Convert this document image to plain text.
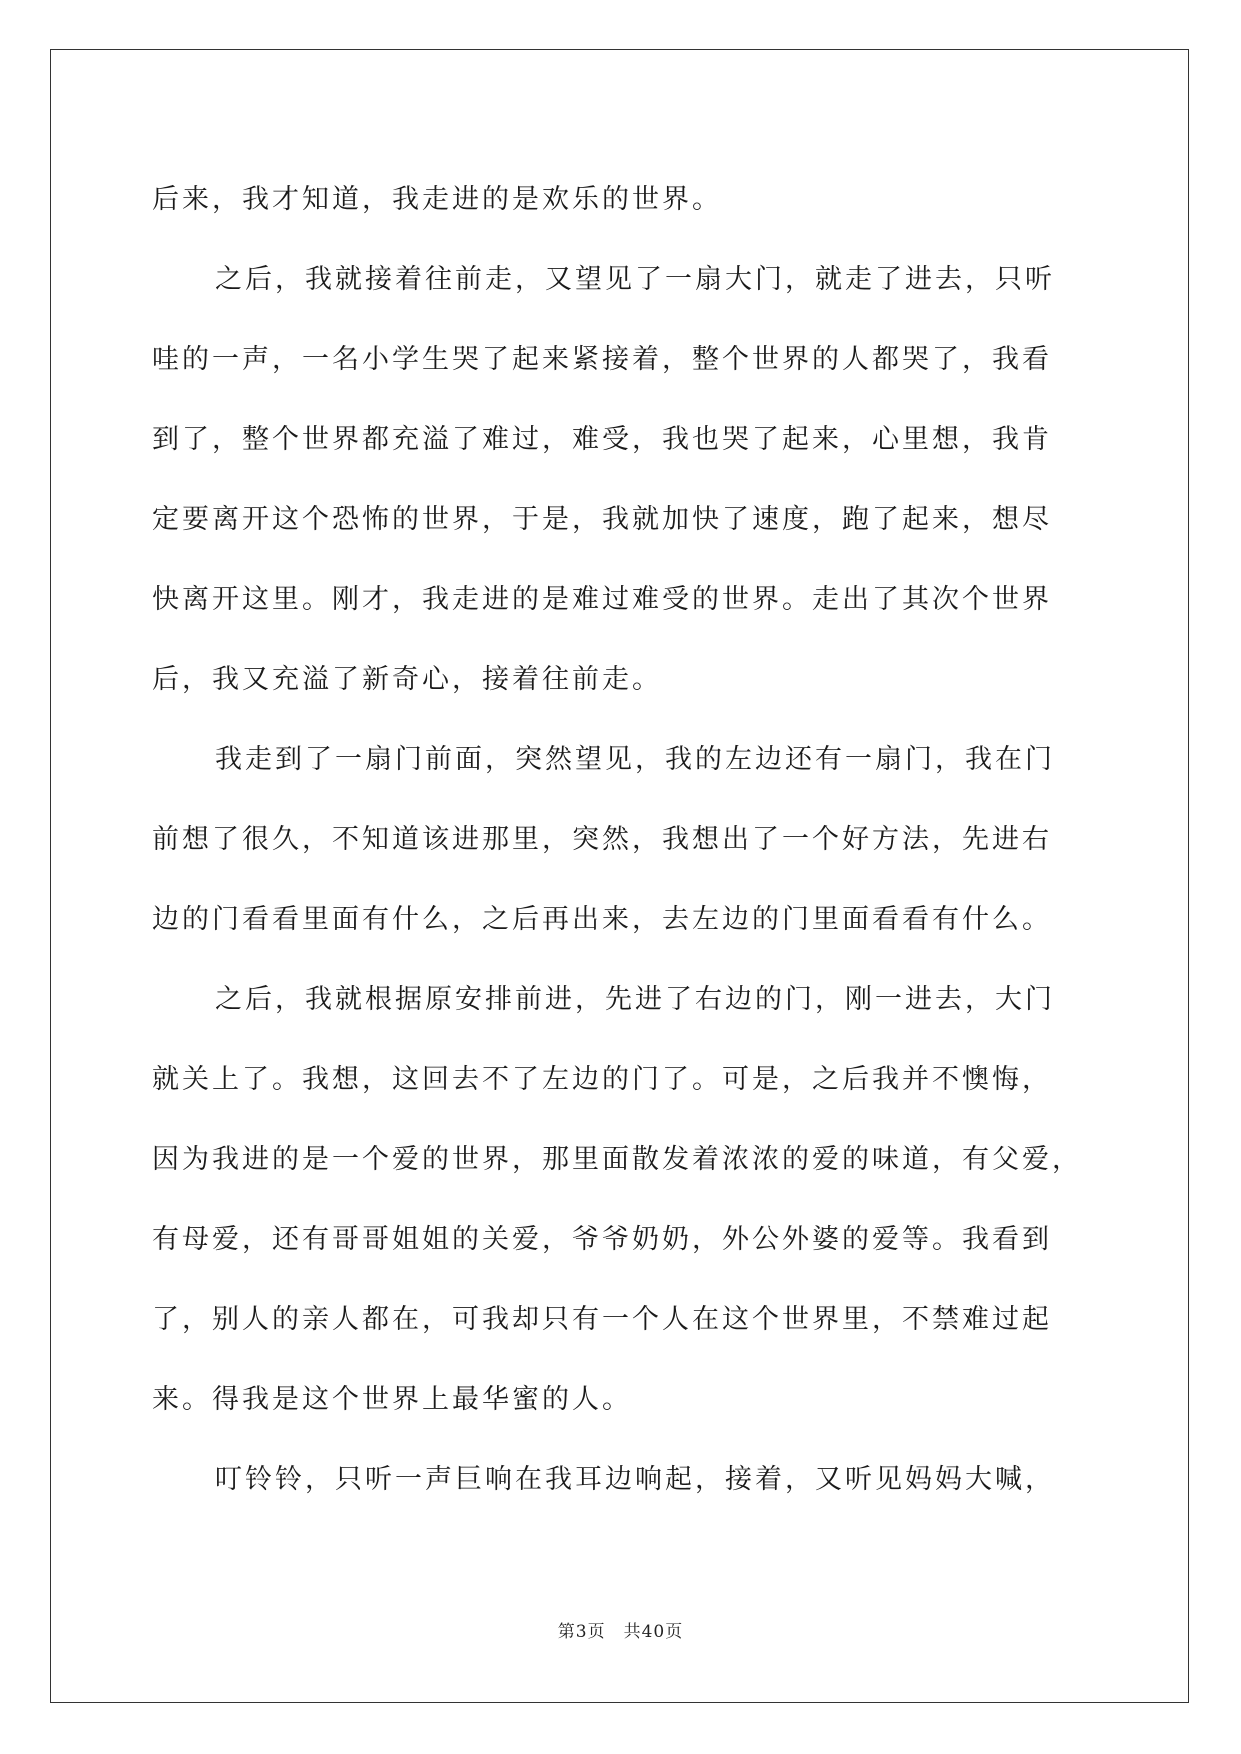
后来，我才知道，我走进的是欢乐的世界。
之后，我就接着往前走，又望见了一扇大门，就走了进去，只听
哇的一声，一名小学生哭了起来紧接着，整个世界的人都哭了，我看
到了，整个世界都充溢了难过，难受，我也哭了起来，心里想，我肯
定要离开这个恐怖的世界，于是，我就加快了速度，跑了起来，想尽
快离开这里。刚才，我走进的是难过难受的世界。走出了其次个世界
后，我又充溢了新奇心，接着往前走。
我走到了一扇门前面，突然望见，我的左边还有一扇门，我在门
前想了很久，不知道该进那里，突然，我想出了一个好方法，先进右
边的门看看里面有什么，之后再出来，去左边的门里面看看有什么。
之后，我就根据原安排前进，先进了右边的门，刚一进去，大门
就关上了。我想，这回去不了左边的门了。可是，之后我并不懊悔，
因为我进的是一个爱的世界，那里面散发着浓浓的爱的味道，有父爱，
有母爱，还有哥哥姐姐的关爱，爷爷奶奶，外公外婆的爱等。我看到
了，别人的亲人都在，可我却只有一个人在这个世界里，不禁难过起
来。得我是这个世界上最华蜜的人。
叮铃铃，只听一声巨响在我耳边响起，接着，又听见妈妈大喊，
第3页 共40页
